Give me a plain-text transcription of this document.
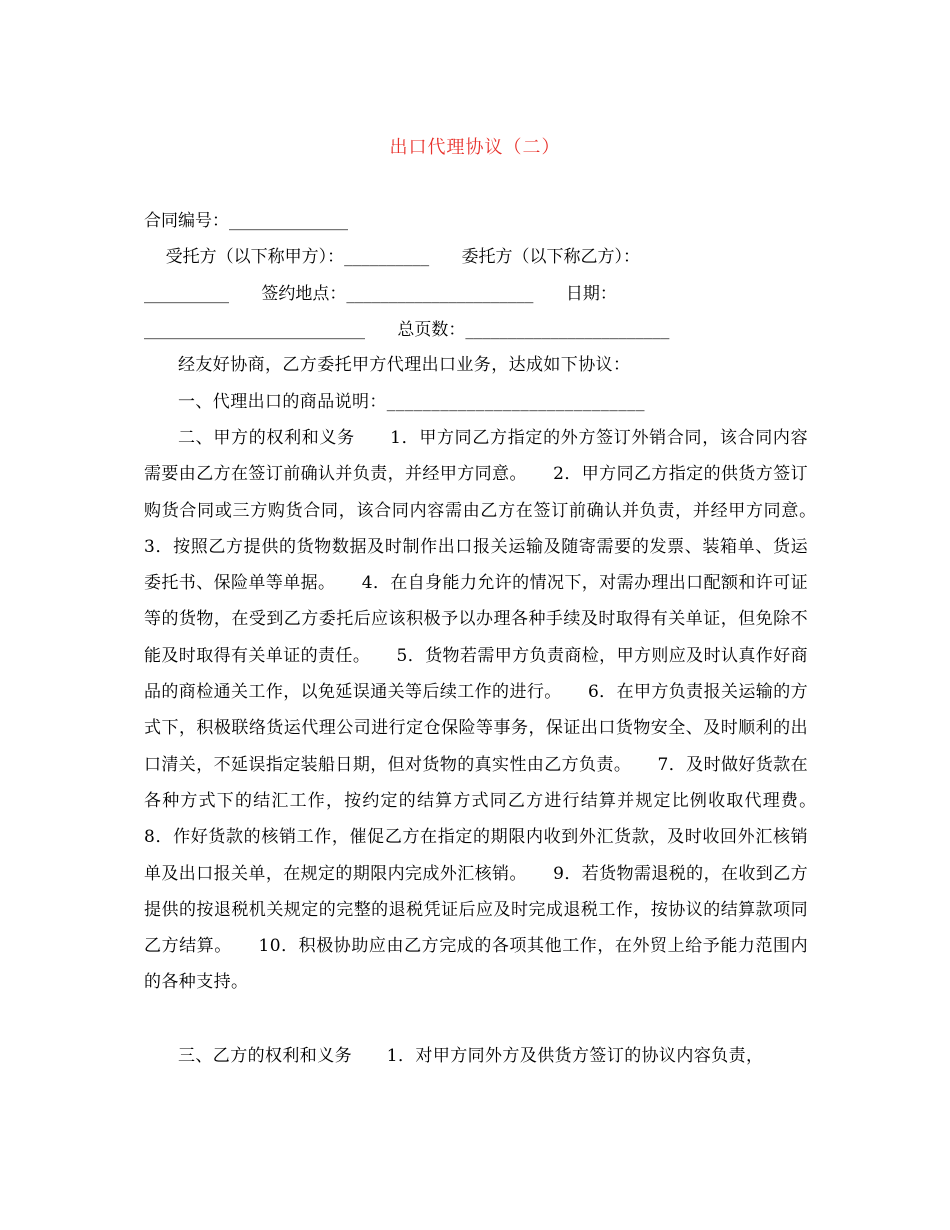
出口代理协议（二）
合同编号：______________
受托方（以下称甲方）：__________      委托方（以下称乙方）：
__________      签约地点：______________________      日期：
__________________________      总页数：________________________
经友好协商，乙方委托甲方代理出口业务，达成如下协议：
一、代理出口的商品说明：_____________________________
二、甲方的权利和义务　　1．甲方同乙方指定的外方签订外销合同，该合同内容需要由乙方在签订前确认并负责，并经甲方同意。　　2．甲方同乙方指定的供货方签订购货合同或三方购货合同，该合同内容需由乙方在签订前确认并负责，并经甲方同意。　　3．按照乙方提供的货物数据及时制作出口报关运输及随寄需要的发票、装箱单、货运委托书、保险单等单据。　　4．在自身能力允许的情况下，对需办理出口配额和许可证等的货物，在受到乙方委托后应该积极予以办理各种手续及时取得有关单证，但免除不能及时取得有关单证的责任。　　5．货物若需甲方负责商检，甲方则应及时认真作好商品的商检通关工作，以免延误通关等后续工作的进行。　　6．在甲方负责报关运输的方式下，积极联络货运代理公司进行定仓保险等事务，保证出口货物安全、及时顺利的出口清关，不延误指定装船日期，但对货物的真实性由乙方负责。　　7．及时做好货款在各种方式下的结汇工作，按约定的结算方式同乙方进行结算并规定比例收取代理费。　8．作好货款的核销工作，催促乙方在指定的期限内收到外汇货款，及时收回外汇核销单及出口报关单，在规定的期限内完成外汇核销。　　9．若货物需退税的，在收到乙方提供的按退税机关规定的完整的退税凭证后应及时完成退税工作，按协议的结算款项同乙方结算。　　10．积极协助应由乙方完成的各项其他工作，在外贸上给予能力范围内的各种支持。
三、乙方的权利和义务　　1．对甲方同外方及供货方签订的协议内容负责，
